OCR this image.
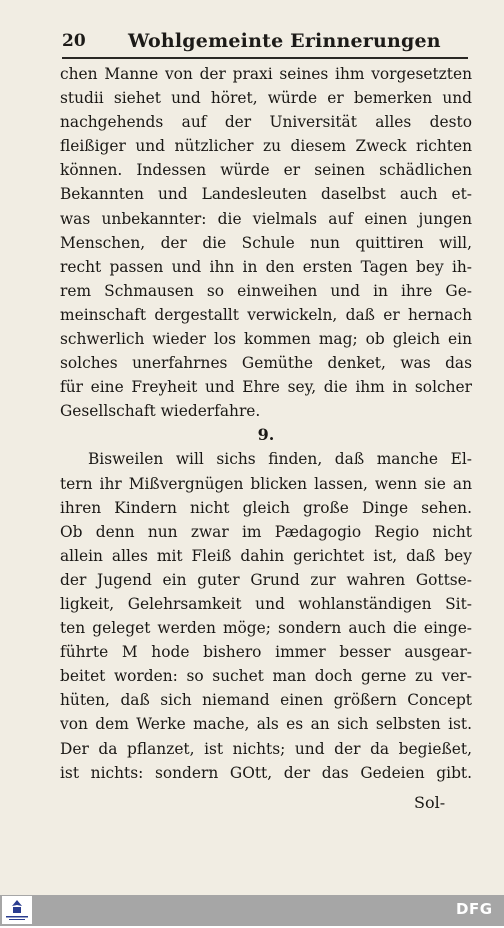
20 Wohlgemeinte Erinnerungen
chen Manne von der praxi seines ihm vorgesetzten
studii siehet und höret, würde er bemerken und
nachgehends auf der Universität alles desto
fleißiger und nützlicher zu diesem Zweck richten
können. Indessen würde er seinen schädlichen
Bekannten und Landesleuten daselbst auch et-
was unbekannter: die vielmals auf einen jungen
Menschen, der die Schule nun quittiren will,
recht passen und ihn in den ersten Tagen bey ih-
rem Schmausen so einweihen und in ihre Ge-
meinschaft dergestallt verwickeln, daß er hernach
schwerlich wieder los kommen mag; ob gleich ein
solches unerfahrnes Gemüthe denket, was das
für eine Freyheit und Ehre sey, die ihm in solcher
Gesellschaft wiederfahre.
9.
Bisweilen will sichs finden, daß manche El-
tern ihr Mißvergnügen blicken lassen, wenn sie an
ihren Kindern nicht gleich große Dinge sehen.
Ob denn nun zwar im Pædagogio Regio nicht
allein alles mit Fleiß dahin gerichtet ist, daß bey
der Jugend ein guter Grund zur wahren Gottse-
ligkeit, Gelehrsamkeit und wohlanständigen Sit-
ten geleget werden möge; sondern auch die einge-
führte M hode bishero immer besser ausgear-
beitet worden: so suchet man doch gerne zu ver-
hüten, daß sich niemand einen größern Concept
von dem Werke mache, als es an sich selbsten ist.
Der da pflanzet, ist nichts; und der da begießet,
ist nichts: sondern GOtt, der das Gedeien gibt.
Sol-
DFG
